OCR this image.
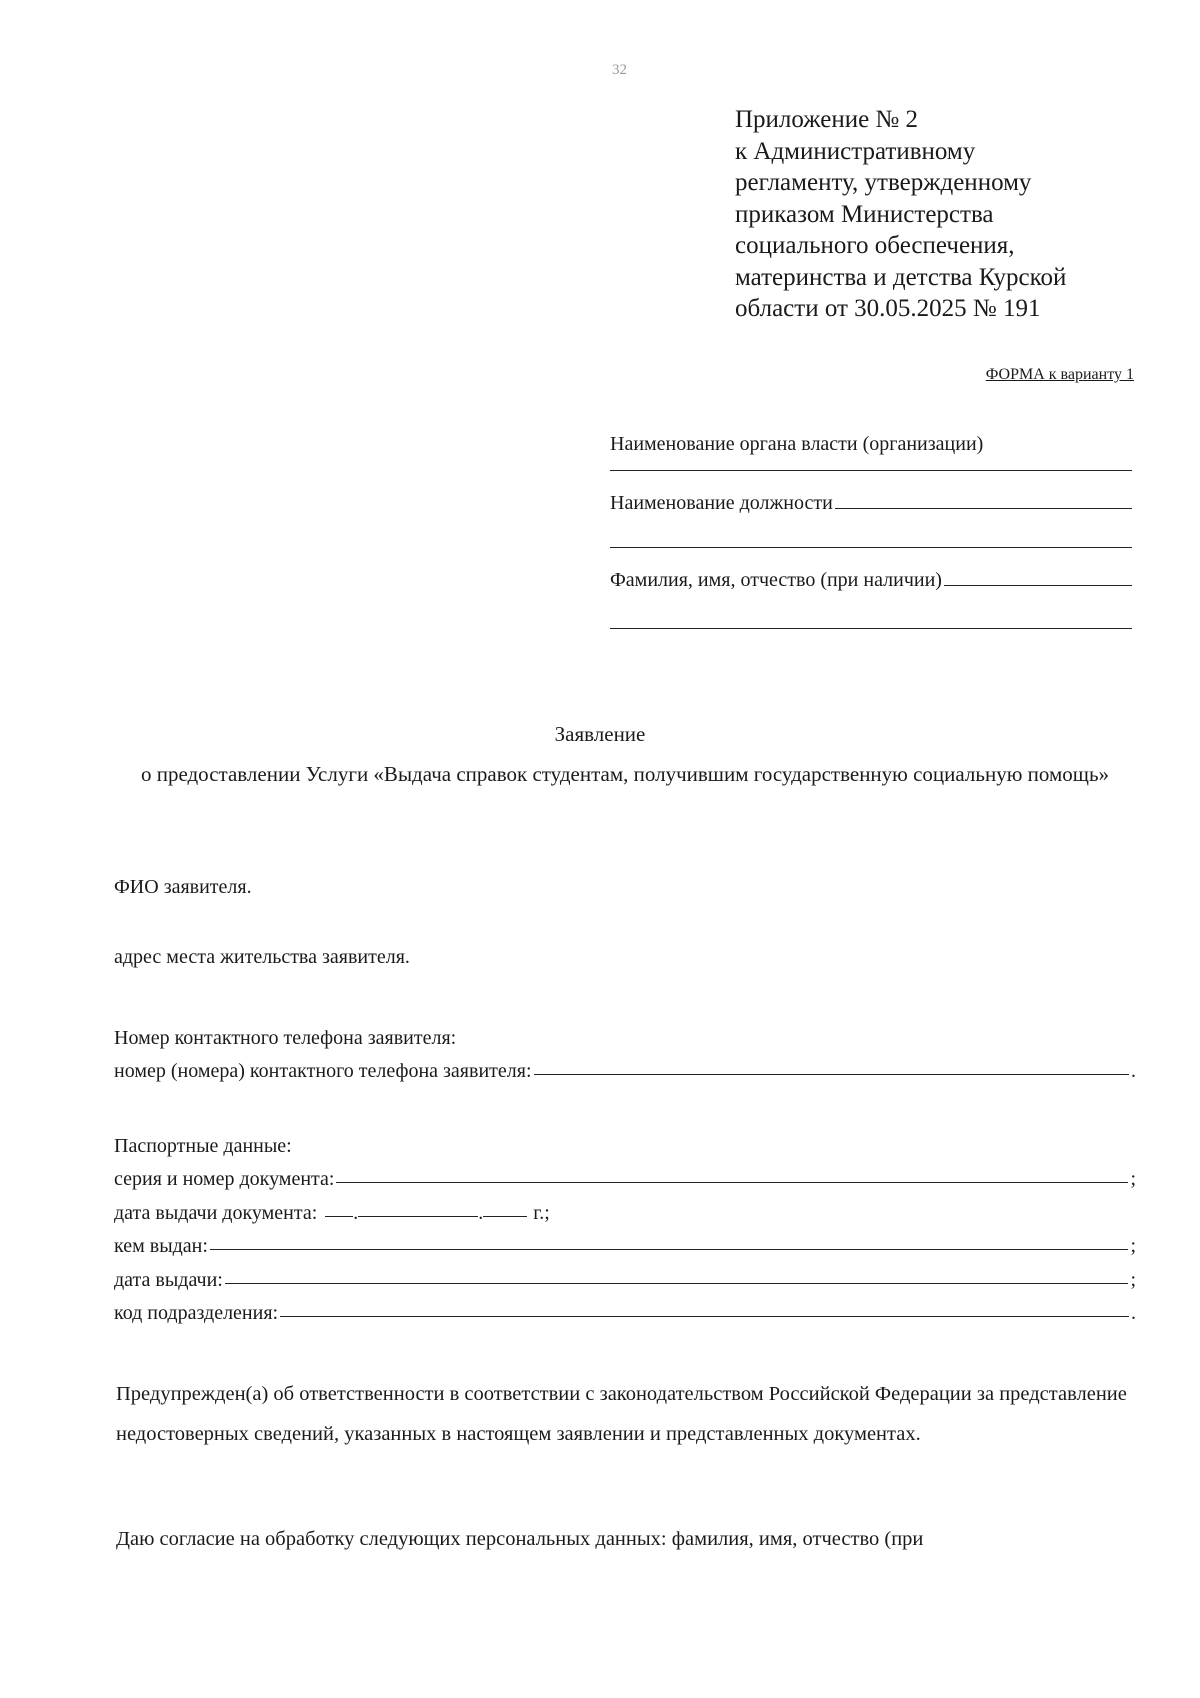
32
Приложение № 2
к Административному
регламенту, утвержденному
приказом Министерства
социального обеспечения,
материнства и детства Курской
области от 30.05.2025 № 191
ФОРМА к варианту 1
Наименование органа власти (организации)
Наименование должности
Фамилия, имя, отчество (при наличии)
Заявление
о предоставлении Услуги «Выдача справок студентам, получившим государственную социальную помощь»
ФИО заявителя.
адрес места жительства заявителя.
Номер контактного телефона заявителя:
номер (номера) контактного телефона заявителя:	.
Паспортные данные:
серия и номер документа:	;
дата выдачи документа: .	.	г.;
кем выдан:	;
дата выдачи:	;
код подразделения:	.
Предупрежден(а) об ответственности в соответствии с законодательством Российской Федерации за представление недостоверных сведений, указанных в настоящем заявлении и представленных документах.
Даю согласие на обработку следующих персональных данных: фамилия, имя, отчество (при
